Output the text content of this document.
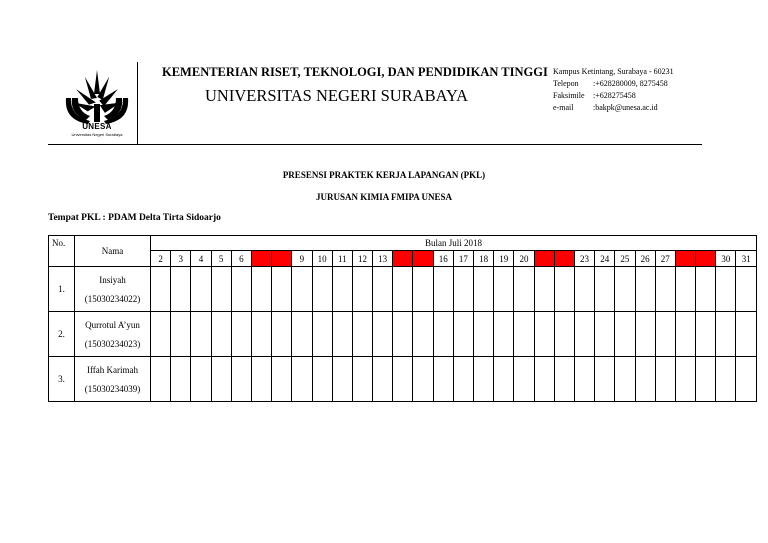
UNESA
Universitas Negeri Surabaya
KEMENTERIAN RISET, TEKNOLOGI, DAN PENDIDIKAN TINGGI
UNIVERSITAS NEGERI SURABAYA
Kampus Ketintang, Surabaya - 60231
Telepon :+628280009, 8275458
Faksimile :+628275458
e-mail :bakpk@unesa.ac.id
PRESENSI PRAKTEK KERJA LAPANGAN (PKL)
JURUSAN KIMIA FMIPA UNESA
Tempat PKL : PDAM Delta Tirta Sidoarjo
No.	Nama	Bulan Juli 2018																													
		2	3	4	5	6	7	8	9	10	11	12	13	14	15	16	17	18	19	20	21	22	23	24	25	26	27	28	29	30	31
1.	Insiyah
(15030234022)																														

2.	Qurrotul A’yun
(15030234023)																														

3.	Iffah Karimah
(15030234039)																														
